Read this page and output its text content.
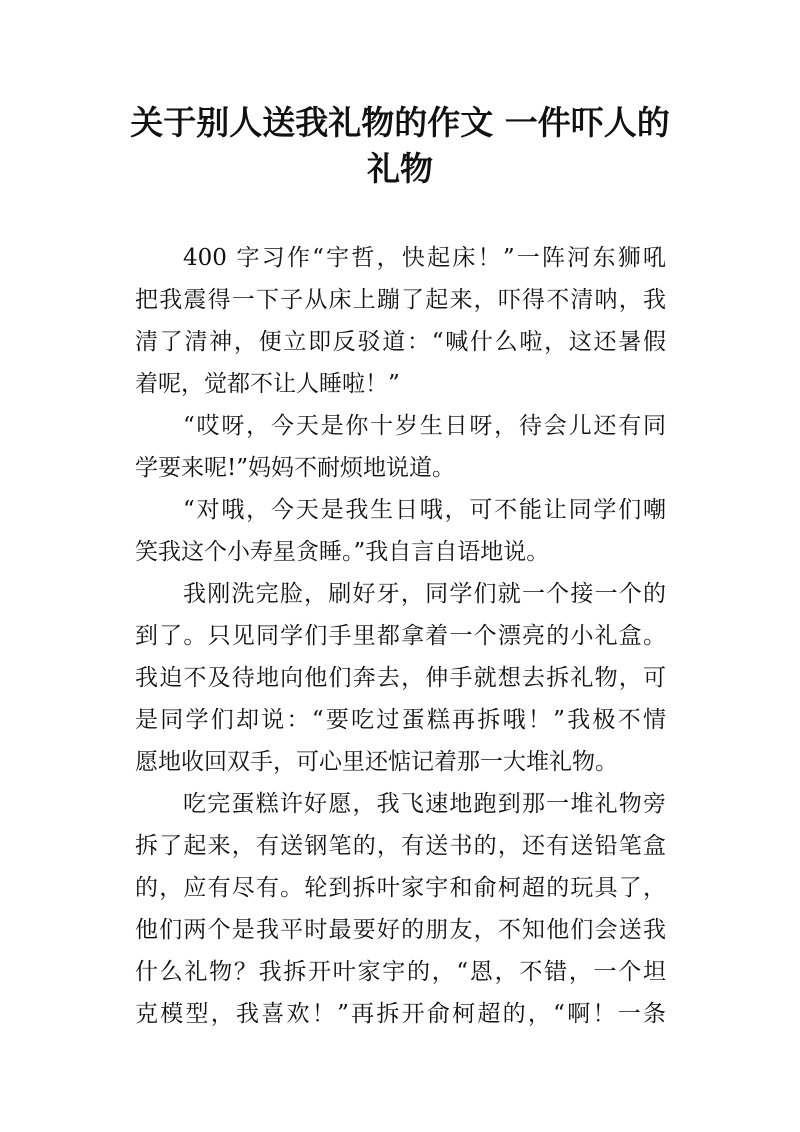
关于别人送我礼物的作文 一件吓人的
礼物
400 字习作“宇哲，快起床！”一阵河东狮吼
把我震得一下子从床上蹦了起来，吓得不清呐，我
清了清神，便立即反驳道：“喊什么啦，这还暑假
着呢，觉都不让人睡啦！”
“哎呀，今天是你十岁生日呀，待会儿还有同
学要来呢!”妈妈不耐烦地说道。
“对哦，今天是我生日哦，可不能让同学们嘲
笑我这个小寿星贪睡。”我自言自语地说。
我刚洗完脸，刷好牙，同学们就一个接一个的
到了。只见同学们手里都拿着一个漂亮的小礼盒。
我迫不及待地向他们奔去，伸手就想去拆礼物，可
是同学们却说：“要吃过蛋糕再拆哦！”我极不情
愿地收回双手，可心里还惦记着那一大堆礼物。
吃完蛋糕许好愿，我飞速地跑到那一堆礼物旁
拆了起来，有送钢笔的，有送书的，还有送铅笔盒
的，应有尽有。轮到拆叶家宇和俞柯超的玩具了，
他们两个是我平时最要好的朋友，不知他们会送我
什么礼物？我拆开叶家宇的，“恩，不错，一个坦
克模型，我喜欢！”再拆开俞柯超的，“啊！一条
